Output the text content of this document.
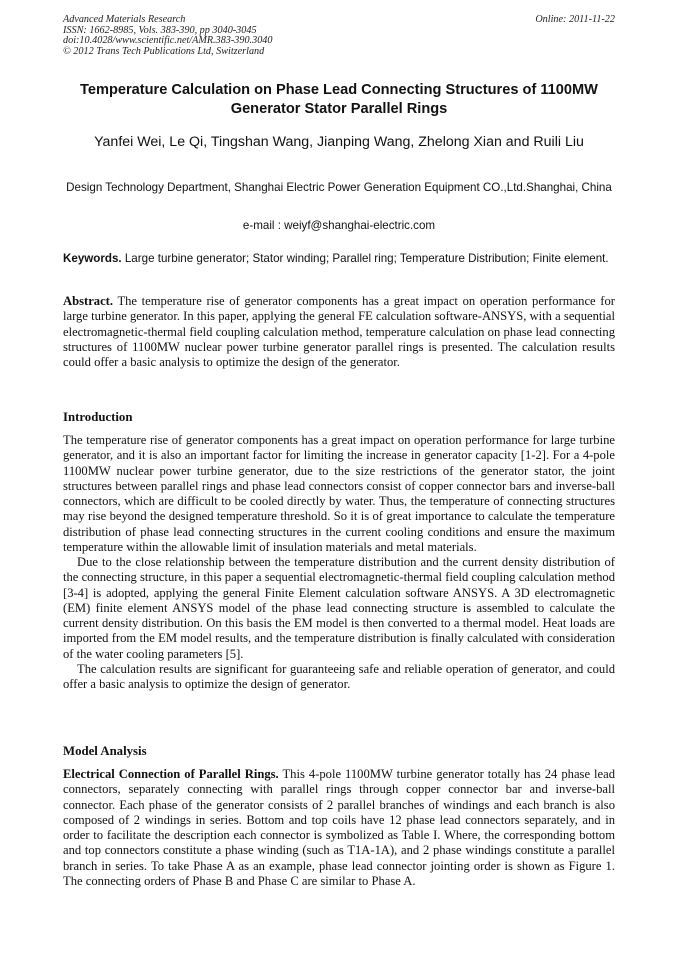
Advanced Materials Research
ISSN: 1662-8985, Vols. 383-390, pp 3040-3045
doi:10.4028/www.scientific.net/AMR.383-390.3040
© 2012 Trans Tech Publications Ltd, Switzerland
Online: 2011-11-22
Temperature Calculation on Phase Lead Connecting Structures of 1100MW Generator Stator Parallel Rings
Yanfei Wei, Le Qi, Tingshan Wang, Jianping Wang, Zhelong Xian and Ruili Liu
Design Technology Department, Shanghai Electric Power Generation Equipment CO.,Ltd.Shanghai, China
e-mail : weiyf@shanghai-electric.com
Keywords. Large turbine generator; Stator winding; Parallel ring; Temperature Distribution; Finite element.
Abstract. The temperature rise of generator components has a great impact on operation performance for large turbine generator. In this paper, applying the general FE calculation software-ANSYS, with a sequential electromagnetic-thermal field coupling calculation method, temperature calculation on phase lead connecting structures of 1100MW nuclear power turbine generator parallel rings is presented. The calculation results could offer a basic analysis to optimize the design of the generator.
Introduction

The temperature rise of generator components has a great impact on operation performance for large turbine generator, and it is also an important factor for limiting the increase in generator capacity [1-2]. For a 4-pole 1100MW nuclear power turbine generator, due to the size restrictions of the generator stator, the joint structures between parallel rings and phase lead connectors consist of copper connector bars and inverse-ball connectors, which are difficult to be cooled directly by water. Thus, the temperature of connecting structures may rise beyond the designed temperature threshold. So it is of great importance to calculate the temperature distribution of phase lead connecting structures in the current cooling conditions and ensure the maximum temperature within the allowable limit of insulation materials and metal materials.

Due to the close relationship between the temperature distribution and the current density distribution of the connecting structure, in this paper a sequential electromagnetic-thermal field coupling calculation method [3-4] is adopted, applying the general Finite Element calculation software ANSYS. A 3D electromagnetic (EM) finite element ANSYS model of the phase lead connecting structure is assembled to calculate the current density distribution. On this basis the EM model is then converted to a thermal model. Heat loads are imported from the EM model results, and the temperature distribution is finally calculated with consideration of the water cooling parameters [5].

The calculation results are significant for guaranteeing safe and reliable operation of generator, and could offer a basic analysis to optimize the design of generator.

Model Analysis

Electrical Connection of Parallel Rings. This 4-pole 1100MW turbine generator totally has 24 phase lead connectors, separately connecting with parallel rings through copper connector bar and inverse-ball connector. Each phase of the generator consists of 2 parallel branches of windings and each branch is also composed of 2 windings in series. Bottom and top coils have 12 phase lead connectors separately, and in order to facilitate the description each connector is symbolized as Table I. Where, the corresponding bottom and top connectors constitute a phase winding (such as T1A-1A), and 2 phase windings constitute a parallel branch in series. To take Phase A as an example, phase lead connector jointing order is shown as Figure 1. The connecting orders of Phase B and Phase C are similar to Phase A.
